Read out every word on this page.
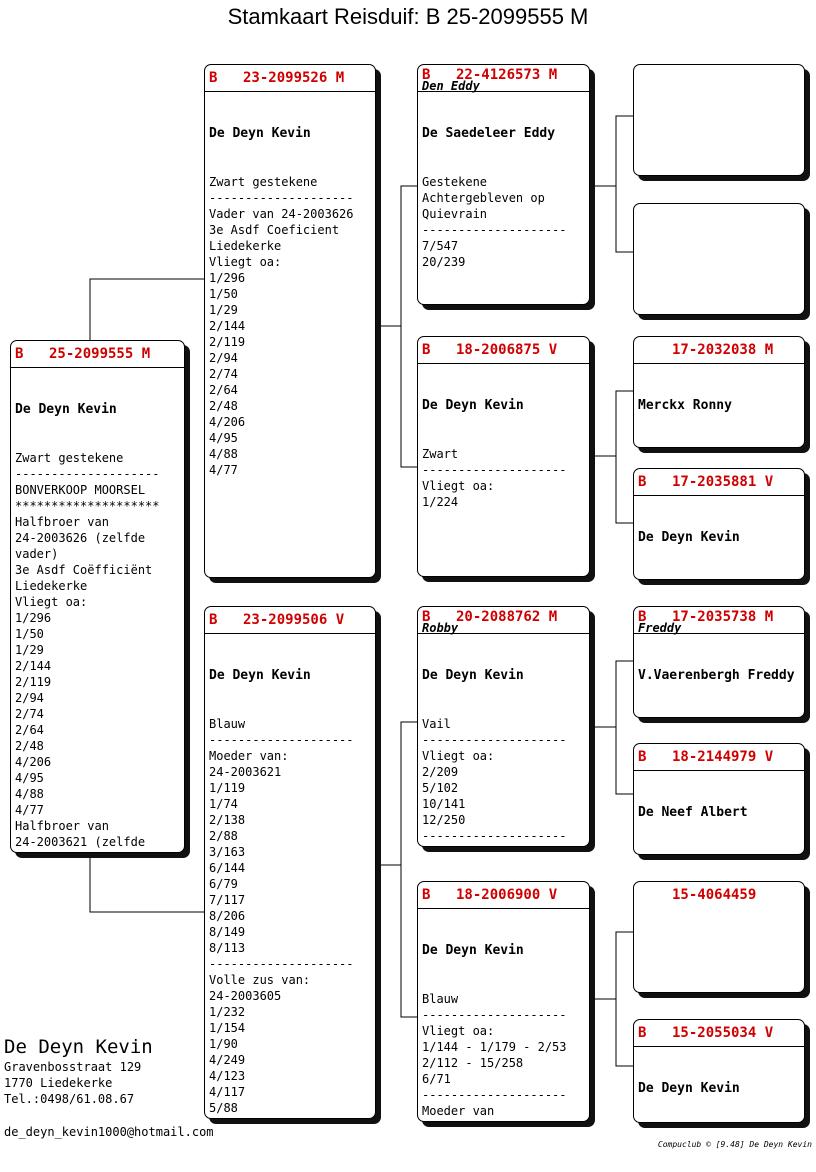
Stamkaart Reisduif: B 25-2099555 M

B

25-2099555 M

De Deyn Kevin

Zwart gestekene
--------------------
BONVERKOOP MOORSEL
********************
Halfbroer van
24-2003626 (zelfde
vader)
3e Asdf Coëfficiënt
Liedekerke
Vliegt oa:
1/296
1/50
1/29
2/144
2/119
2/94
2/74
2/64
2/48
4/206
4/95
4/88
4/77
Halfbroer van
24-2003621 (zelfde

B

23-2099526 M

De Deyn Kevin

Zwart gestekene
--------------------
Vader van 24-2003626
3e Asdf Coeficient
Liedekerke
Vliegt oa:
1/296
1/50
1/29
2/144
2/119
2/94
2/74
2/64
2/48
4/206
4/95
4/88
4/77

B

23-2099506 V

De Deyn Kevin

Blauw
--------------------
Moeder van:
24-2003621
1/119
1/74
2/138
2/88
3/163
6/144
6/79
7/117
8/206
8/149
8/113
--------------------
Volle zus van:
24-2003605
1/232
1/154
1/90
4/249
4/123
4/117
5/88

B

22-4126573 M

Den Eddy

De Saedeleer Eddy

Gestekene
Achtergebleven op
Quievrain
--------------------
7/547
20/239

B

18-2006875 V

De Deyn Kevin

Zwart
--------------------
Vliegt oa:
1/224

B

20-2088762 M

Robby

De Deyn Kevin

Vail
--------------------
Vliegt oa:
2/209
5/102
10/141
12/250
--------------------

B

18-2006900 V

De Deyn Kevin

Blauw
--------------------
Vliegt oa:
1/144 - 1/179 - 2/53
2/112 - 15/258
6/71
--------------------
Moeder van

17-2032038 M

Merckx Ronny

B

17-2035881 V

De Deyn Kevin

B

17-2035738 M

Freddy

V.Vaerenbergh Freddy

B

18-2144979 V

De Neef Albert

15-4064459

B

15-2055034 V

De Deyn Kevin

De Deyn Kevin
Gravenbosstraat 129
1770 Liedekerke
Tel.:0498/61.08.67
de_deyn_kevin1000@hotmail.com
Compuclub © [9.48] De Deyn Kevin
